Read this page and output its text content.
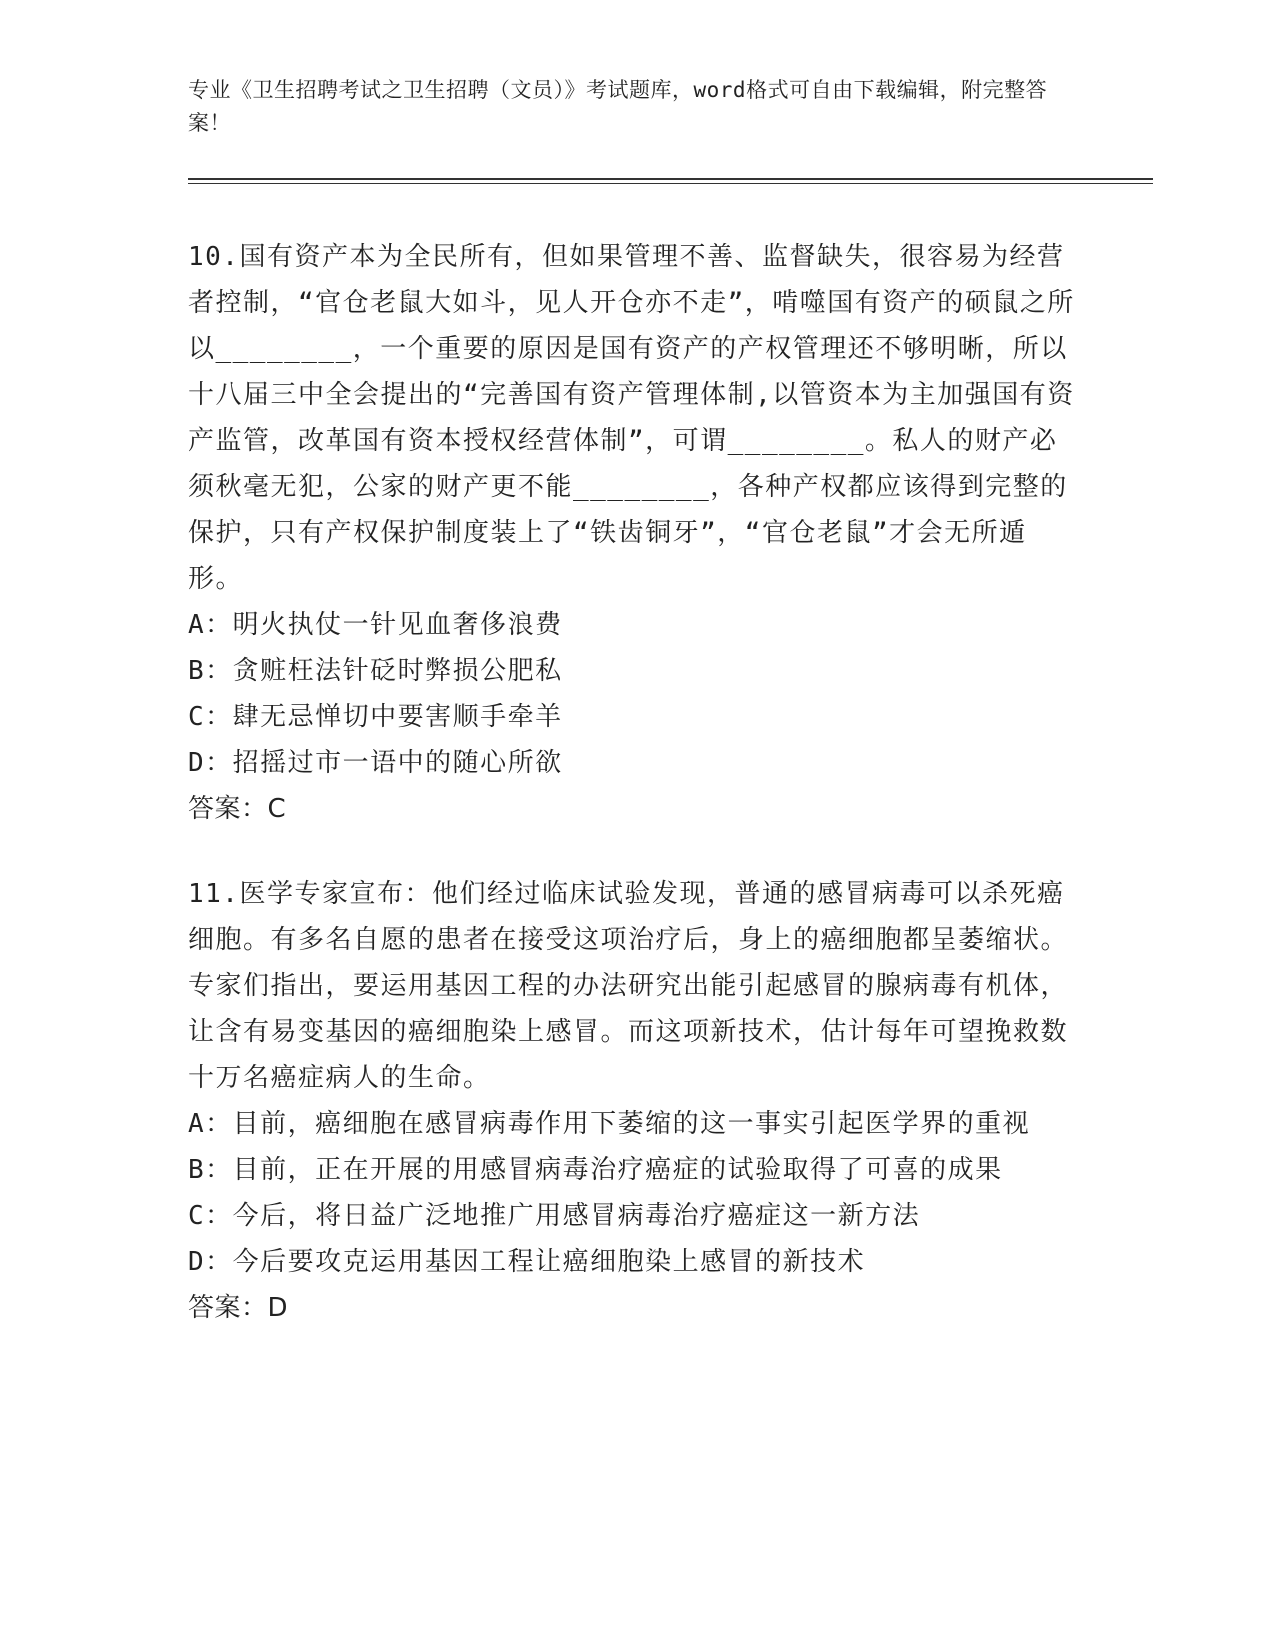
专业《卫生招聘考试之卫生招聘（文员）》考试题库，word格式可自由下载编辑，附完整答案！

10.国有资产本为全民所有，但如果管理不善、监督缺失，很容易为经营者控制，“官仓老鼠大如斗，见人开仓亦不走”，啃噬国有资产的硕鼠之所以________，一个重要的原因是国有资产的产权管理还不够明晰，所以十八届三中全会提出的“完善国有资产管理体制,以管资本为主加强国有资产监管，改革国有资本授权经营体制”，可谓________。私人的财产必须秋毫无犯，公家的财产更不能________，各种产权都应该得到完整的保护，只有产权保护制度装上了“铁齿铜牙”，“官仓老鼠”才会无所遁形。

A：明火执仗一针见血奢侈浪费

B：贪赃枉法针砭时弊损公肥私

C：肆无忌惮切中要害顺手牵羊

D：招摇过市一语中的随心所欲

答案：C

11.医学专家宣布：他们经过临床试验发现，普通的感冒病毒可以杀死癌细胞。有多名自愿的患者在接受这项治疗后，身上的癌细胞都呈萎缩状。专家们指出，要运用基因工程的办法研究出能引起感冒的腺病毒有机体，让含有易变基因的癌细胞染上感冒。而这项新技术，估计每年可望挽救数十万名癌症病人的生命。

A：目前，癌细胞在感冒病毒作用下萎缩的这一事实引起医学界的重视

B：目前，正在开展的用感冒病毒治疗癌症的试验取得了可喜的成果

C：今后，将日益广泛地推广用感冒病毒治疗癌症这一新方法

D：今后要攻克运用基因工程让癌细胞染上感冒的新技术

答案：D
